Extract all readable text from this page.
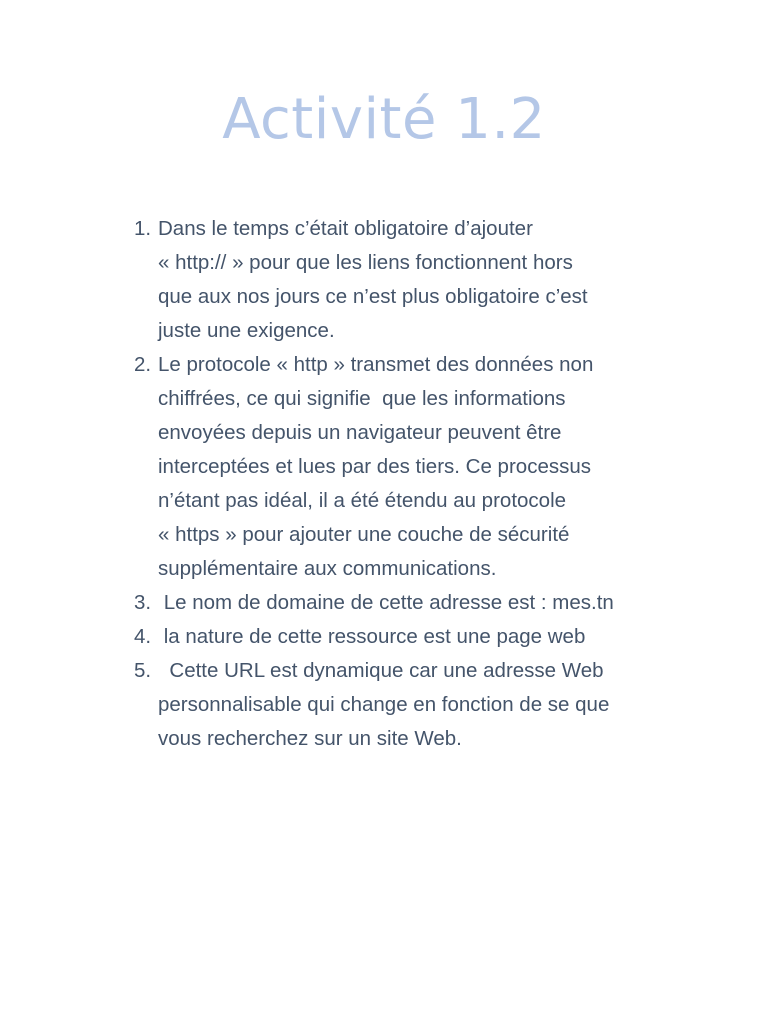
Activité 1.2
1. Dans le temps c’était obligatoire d’ajouter
« http:// » pour que les liens fonctionnent hors
que aux nos jours ce n’est plus obligatoire c’est
juste une exigence.
2. Le protocole « http » transmet des données non
chiffrées, ce qui signifie  que les informations
envoyées depuis un navigateur peuvent être
interceptées et lues par des tiers. Ce processus
n’étant pas idéal, il a été étendu au protocole
« https » pour ajouter une couche de sécurité
supplémentaire aux communications.
3. Le nom de domaine de cette adresse est : mes.tn
4. la nature de cette ressource est une page web
5. Cette URL est dynamique car une adresse Web
personnalisable qui change en fonction de se que
vous recherchez sur un site Web.
